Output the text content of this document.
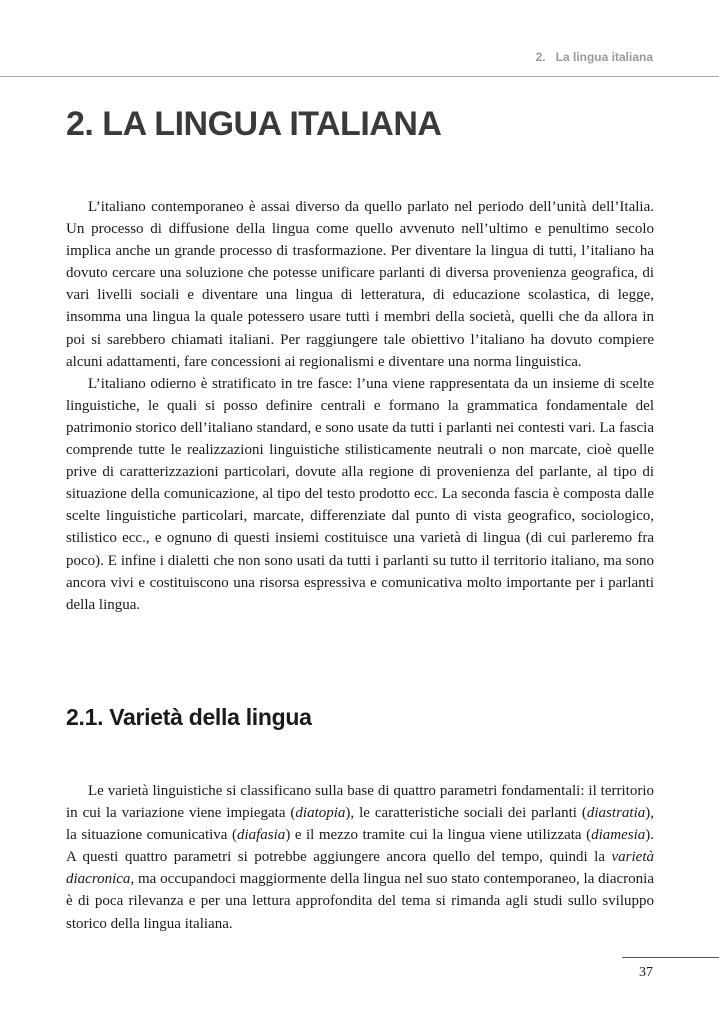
2. La lingua italiana
2. LA LINGUA ITALIANA

L’italiano contemporaneo è assai diverso da quello parlato nel periodo dell’unità dell’Italia. Un processo di diffusione della lingua come quello avvenuto nell’ultimo e penultimo secolo implica anche un grande processo di trasformazione. Per diventare la lingua di tutti, l’italiano ha dovuto cercare una soluzione che potesse unificare parlanti di diversa provenienza geografica, di vari livelli sociali e diventare una lingua di letteratura, di educazione scolastica, di legge, insomma una lingua la quale potessero usare tutti i membri della società, quelli che da allora in poi si sarebbero chiamati italiani. Per raggiungere tale obiettivo l’italiano ha dovuto compiere alcuni adattamenti, fare concessioni ai regionalismi e diventare una norma linguistica.

L’italiano odierno è stratificato in tre fasce: l’una viene rappresentata da un insieme di scelte linguistiche, le quali si posso definire centrali e formano la grammatica fondamentale del patrimonio storico dell’italiano standard, e sono usate da tutti i parlanti nei contesti vari. La fascia comprende tutte le realizzazioni linguistiche stilisticamente neutrali o non marcate, cioè quelle prive di caratterizzazioni particolari, dovute alla regione di provenienza del parlante, al tipo di situazione della comunicazione, al tipo del testo prodotto ecc. La seconda fascia è composta dalle scelte linguistiche particolari, marcate, differenziate dal punto di vista geografico, sociologico, stilistico ecc., e ognuno di questi insiemi costituisce una varietà di lingua (di cui parleremo fra poco). E infine i dialetti che non sono usati da tutti i parlanti su tutto il territorio italiano, ma sono ancora vivi e costituiscono una risorsa espressiva e comunicativa molto importante per i parlanti della lingua.

2.1. Varietà della lingua

Le varietà linguistiche si classificano sulla base di quattro parametri fondamentali: il territorio in cui la variazione viene impiegata (diatopia), le caratteristiche sociali dei parlanti (diastratia), la situazione comunicativa (diafasia) e il mezzo tramite cui la lingua viene utilizzata (diamesia). A questi quattro parametri si potrebbe aggiungere ancora quello del tempo, quindi la varietà diacronica, ma occupandoci maggiormente della lingua nel suo stato contemporaneo, la diacronia è di poca rilevanza e per una lettura approfondita del tema si rimanda agli studi sullo sviluppo storico della lingua italiana.

37
